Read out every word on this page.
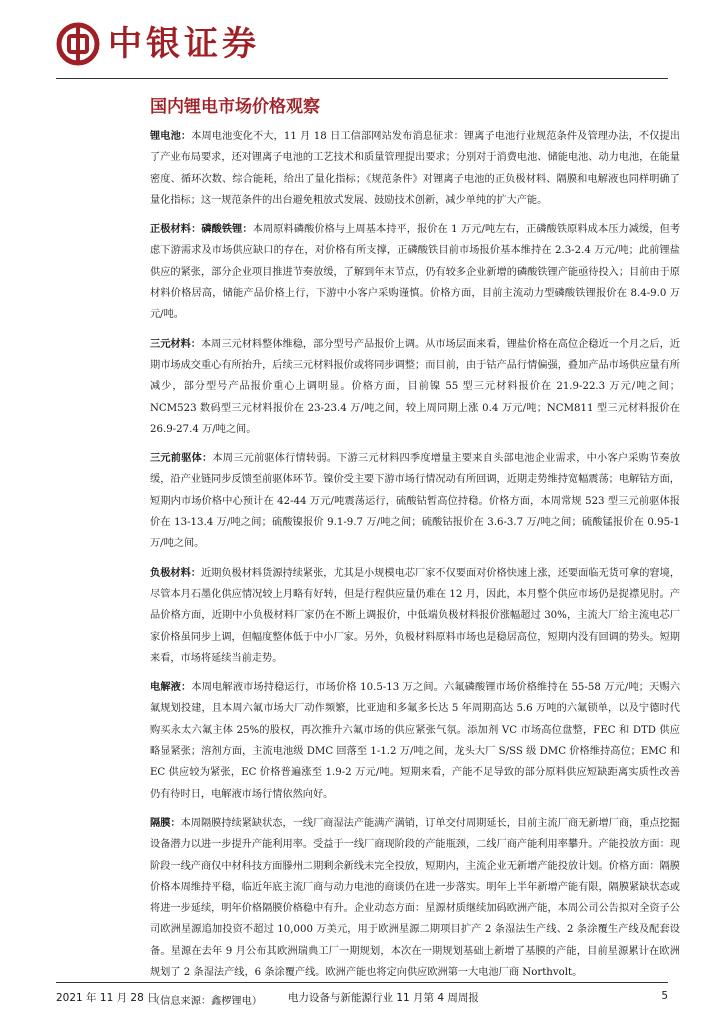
中银证券
国内锂电市场价格观察

锂电池：本周电池变化不大，11 月 18 日工信部网站发布消息征求：锂离子电池行业规范条件及管理办法，不仅提出了产业布局要求，还对锂离子电池的工艺技术和质量管理提出要求；分别对于消费电池、储能电池、动力电池，在能量密度、循环次数、综合能耗，给出了量化指标；《规范条件》对锂离子电池的正负极材料、隔膜和电解液也同样明确了量化指标；这一规范条件的出台避免粗放式发展、鼓励技术创新，减少单纯的扩大产能。

正极材料：磷酸铁锂：本周原料磷酸价格与上周基本持平，报价在 1 万元/吨左右，正磷酸铁原料成本压力减缓，但考虑下游需求及市场供应缺口的存在，对价格有所支撑，正磷酸铁目前市场报价基本维持在 2.3-2.4 万元/吨；此前锂盐供应的紧张，部分企业项目推进节奏放缓，了解到年末节点，仍有较多企业新增的磷酸铁锂产能亟待投入；目前由于原材料价格居高，储能产品价格上行，下游中小客户采购谨慎。价格方面，目前主流动力型磷酸铁锂报价在 8.4-9.0 万元/吨。

三元材料：本周三元材料整体维稳，部分型号产品报价上调。从市场层面来看，锂盐价格在高位企稳近一个月之后，近期市场成交重心有所抬升，后续三元材料报价或将同步调整；而目前，由于钴产品行情偏强，叠加产品市场供应量有所减少，部分型号产品报价重心上调明显。价格方面，目前镍 55 型三元材料报价在 21.9-22.3 万元/吨之间；NCM523 数码型三元材料报价在 23-23.4 万/吨之间，较上周同期上涨 0.4 万元/吨；NCM811 型三元材料报价在 26.9-27.4 万/吨之间。

三元前驱体：本周三元前驱体行情转弱。下游三元材料四季度增量主要来自头部电池企业需求，中小客户采购节奏放缓，沿产业链同步反馈至前驱体环节。镍价受主要下游市场行情况动有所回调，近期走势维持宽幅震荡；电解钴方面，短期内市场价格中心预计在 42-44 万元/吨震荡运行，硫酸钴暂高位持稳。价格方面，本周常规 523 型三元前驱体报价在 13-13.4 万/吨之间；硫酸镍报价 9.1-9.7 万/吨之间；硫酸钴报价在 3.6-3.7 万/吨之间；硫酸锰报价在 0.95-1 万/吨之间。

负极材料：近期负极材料货源持续紧张，尤其是小规模电芯厂家不仅要面对价格快速上涨，还要面临无货可拿的窘境，尽管本月石墨化供应情况较上月略有好转，但是行程供应量仍难在 12 月，因此，本月整个供应市场仍是捉襟见肘。产品价格方面，近期中小负极材料厂家仍在不断上调报价，中低端负极材料报价涨幅超过 30%，主流大厂给主流电芯厂家价格虽同步上调，但幅度整体低于中小厂家。另外，负极材料原料市场也是稳居高位，短期内没有回调的势头。短期来看，市场将延续当前走势。

电解液：本周电解液市场持稳运行，市场价格 10.5-13 万之间。六氟磷酸锂市场价格维持在 55-58 万元/吨；天赐六氟规划投建，且本周六氟市场大厂动作频繁，比亚迪和多氟多长达 5 年周期高达 5.6 万吨的六氟锁单，以及宁德时代购买永太六氟主体 25%的股权，再次推升六氟市场的供应紧张气氛。添加剂 VC 市场高位盘整，FEC 和 DTD 供应略显紧张；溶剂方面，主流电池级 DMC 回落至 1-1.2 万/吨之间，龙头大厂 S/SS 级 DMC 价格维持高位；EMC 和 EC 供应较为紧张，EC 价格普遍涨至 1.9-2 万元/吨。短期来看，产能不足导致的部分原料供应短缺距离实质性改善仍有待时日，电解液市场行情依然向好。

隔膜：本周隔膜持续紧缺状态，一线厂商湿法产能满产满销，订单交付周期延长，目前主流厂商无新增厂商，重点挖掘设备潜力以进一步提升产能利用率。受益于一线厂商现阶段的产能瓶颈，二线厂商产能利用率攀升。产能投放方面：现阶段一线产商仅中材科技方面滕州二期剩余新线未完全投放，短期内，主流企业无新增产能投放计划。价格方面：隔膜价格本周维持平稳，临近年底主流厂商与动力电池的商谈仍在进一步落实。明年上半年新增产能有限，隔膜紧缺状态或将进一步延续，明年价格隔膜价格稳中有升。企业动态方面：星源材质继续加码欧洲产能，本周公司公告拟对全资子公司欧洲星源追加投资不超过 10,000 万美元，用于欧洲星源二期项目扩产 2 条湿法生产线、2 条涂覆生产线及配套设备。星源在去年 9 月公布其欧洲瑞典工厂一期规划，本次在一期规划基础上新增了基膜的产能，目前星源累计在欧洲规划了 2 条湿法产线，6 条涂覆产线。欧洲产能也将定向供应欧洲第一大电池厂商 Northvolt。

（信息来源：鑫椤锂电）

2021 年 11 月 28 日	电力设备与新能源行业 11 月第 4 周周报	5
